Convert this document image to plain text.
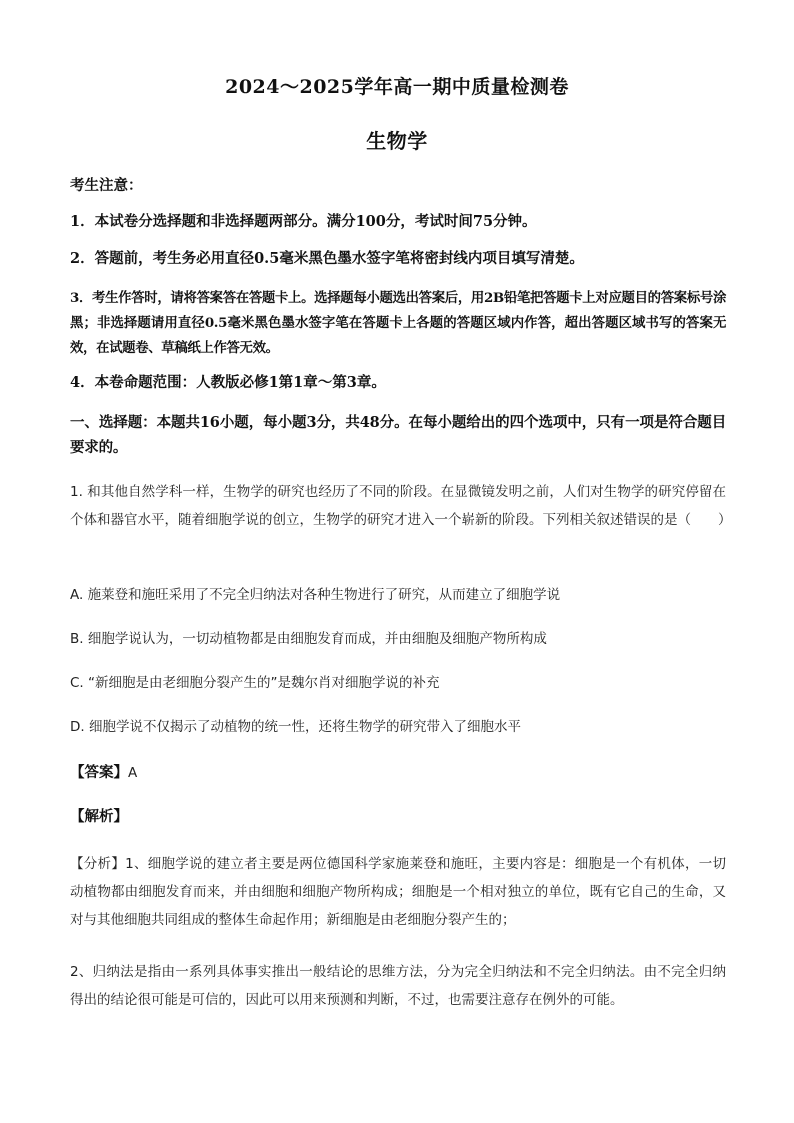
2024～2025学年高一期中质量检测卷
生物学
考生注意：
1．本试卷分选择题和非选择题两部分。满分100分，考试时间75分钟。
2．答题前，考生务必用直径0.5毫米黑色墨水签字笔将密封线内项目填写清楚。
3．考生作答时，请将答案答在答题卡上。选择题每小题选出答案后，用2B铅笔把答题卡上对应题目的答案标号涂黑；非选择题请用直径0.5毫米黑色墨水签字笔在答题卡上各题的答题区域内作答，超出答题区域书写的答案无效，在试题卷、草稿纸上作答无效。
4．本卷命题范围：人教版必修1第1章～第3章。
一、选择题：本题共16小题，每小题3分，共48分。在每小题给出的四个选项中，只有一项是符合题目要求的。
1. 和其他自然学科一样，生物学的研究也经历了不同的阶段。在显微镜发明之前，人们对生物学的研究停留在个体和器官水平，随着细胞学说的创立，生物学的研究才进入一个崭新的阶段。下列相关叙述错误的是（　　）
A. 施莱登和施旺采用了不完全归纳法对各种生物进行了研究，从而建立了细胞学说
B. 细胞学说认为，一切动植物都是由细胞发育而成，并由细胞及细胞产物所构成
C. “新细胞是由老细胞分裂产生的”是魏尔肖对细胞学说的补充
D. 细胞学说不仅揭示了动植物的统一性，还将生物学的研究带入了细胞水平
【答案】A
【解析】
【分析】1、细胞学说的建立者主要是两位德国科学家施莱登和施旺，主要内容是：细胞是一个有机体，一切动植物都由细胞发育而来，并由细胞和细胞产物所构成；细胞是一个相对独立的单位，既有它自己的生命，又对与其他细胞共同组成的整体生命起作用；新细胞是由老细胞分裂产生的；
2、归纳法是指由一系列具体事实推出一般结论的思维方法，分为完全归纳法和不完全归纳法。由不完全归纳得出的结论很可能是可信的，因此可以用来预测和判断，不过，也需要注意存在例外的可能。
